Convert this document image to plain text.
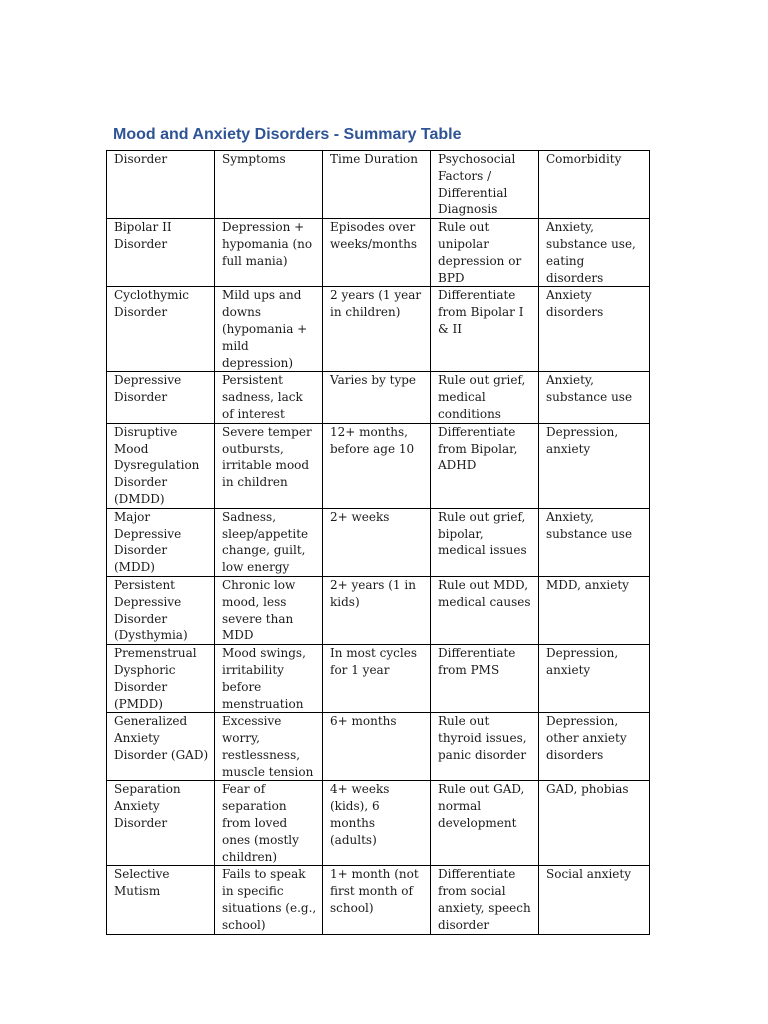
Mood and Anxiety Disorders - Summary Table
Disorder	Symptoms	Time Duration	Psychosocial Factors / Differential Diagnosis	Comorbidity
Bipolar II Disorder	Depression + hypomania (no full mania)	Episodes over weeks/months	Rule out unipolar depression or BPD	Anxiety, substance use, eating disorders
Cyclothymic Disorder	Mild ups and downs (hypomania + mild depression)	2 years (1 year in children)	Differentiate from Bipolar I & II	Anxiety disorders
Depressive Disorder	Persistent sadness, lack of interest	Varies by type	Rule out grief, medical conditions	Anxiety, substance use
Disruptive Mood Dysregulation Disorder (DMDD)	Severe temper outbursts, irritable mood in children	12+ months, before age 10	Differentiate from Bipolar, ADHD	Depression, anxiety
Major Depressive Disorder (MDD)	Sadness, sleep/appetite change, guilt, low energy	2+ weeks	Rule out grief, bipolar, medical issues	Anxiety, substance use
Persistent Depressive Disorder (Dysthymia)	Chronic low mood, less severe than MDD	2+ years (1 in kids)	Rule out MDD, medical causes	MDD, anxiety
Premenstrual Dysphoric Disorder (PMDD)	Mood swings, irritability before menstruation	In most cycles for 1 year	Differentiate from PMS	Depression, anxiety
Generalized Anxiety Disorder (GAD)	Excessive worry, restlessness, muscle tension	6+ months	Rule out thyroid issues, panic disorder	Depression, other anxiety disorders
Separation Anxiety Disorder	Fear of separation from loved ones (mostly children)	4+ weeks (kids), 6 months (adults)	Rule out GAD, normal development	GAD, phobias
Selective Mutism	Fails to speak in specific situations (e.g., school)	1+ month (not first month of school)	Differentiate from social anxiety, speech disorder	Social anxiety
